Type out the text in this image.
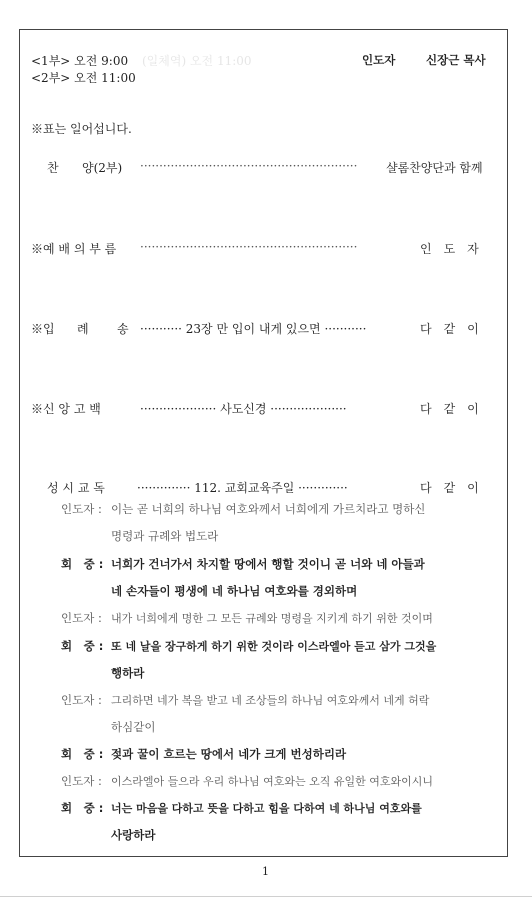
<1부> 오전 9:00 (일체역) 오전 11:00
<2부> 오전 11:00
인도자	신장근 목사
※표는 일어섭니다.
찬 양(2부) ························································· 샬롬찬양단과 함께
※예 배 의 부 름 ·························································	인　도　자
※입 례 송 ··········· 23장 만 입이 내게 있으면 ···········	다　같　이
※신 앙 고 백	···················· 사도신경 ····················	다　같　이
성 시 교 독	·············· 112. 교회교육주일 ·············	다　같　이
인도자 : 이는 곧 너희의 하나님 여호와께서 너희에게 가르치라고 명하신
명령과 규례와 법도라
회　중 : 너희가 건너가서 차지할 땅에서 행할 것이니 곧 너와 네 아들과
네 손자들이 평생에 네 하나님 여호와를 경외하며
인도자 : 내가 너희에게 명한 그 모든 규례와 명령을 지키게 하기 위한 것이며
회　중 : 또 네 날을 장구하게 하기 위한 것이라 이스라엘아 듣고 삼가 그것을
행하라
인도자 : 그리하면 네가 복을 받고 네 조상들의 하나님 여호와께서 네게 허락
하심같이
회　중 : 젖과 꿀이 흐르는 땅에서 네가 크게 번성하리라
인도자 : 이스라엘아 들으라 우리 하나님 여호와는 오직 유일한 여호와이시니
회　중 : 너는 마음을 다하고 뜻을 다하고 힘을 다하여 네 하나님 여호와를
사랑하라
1
